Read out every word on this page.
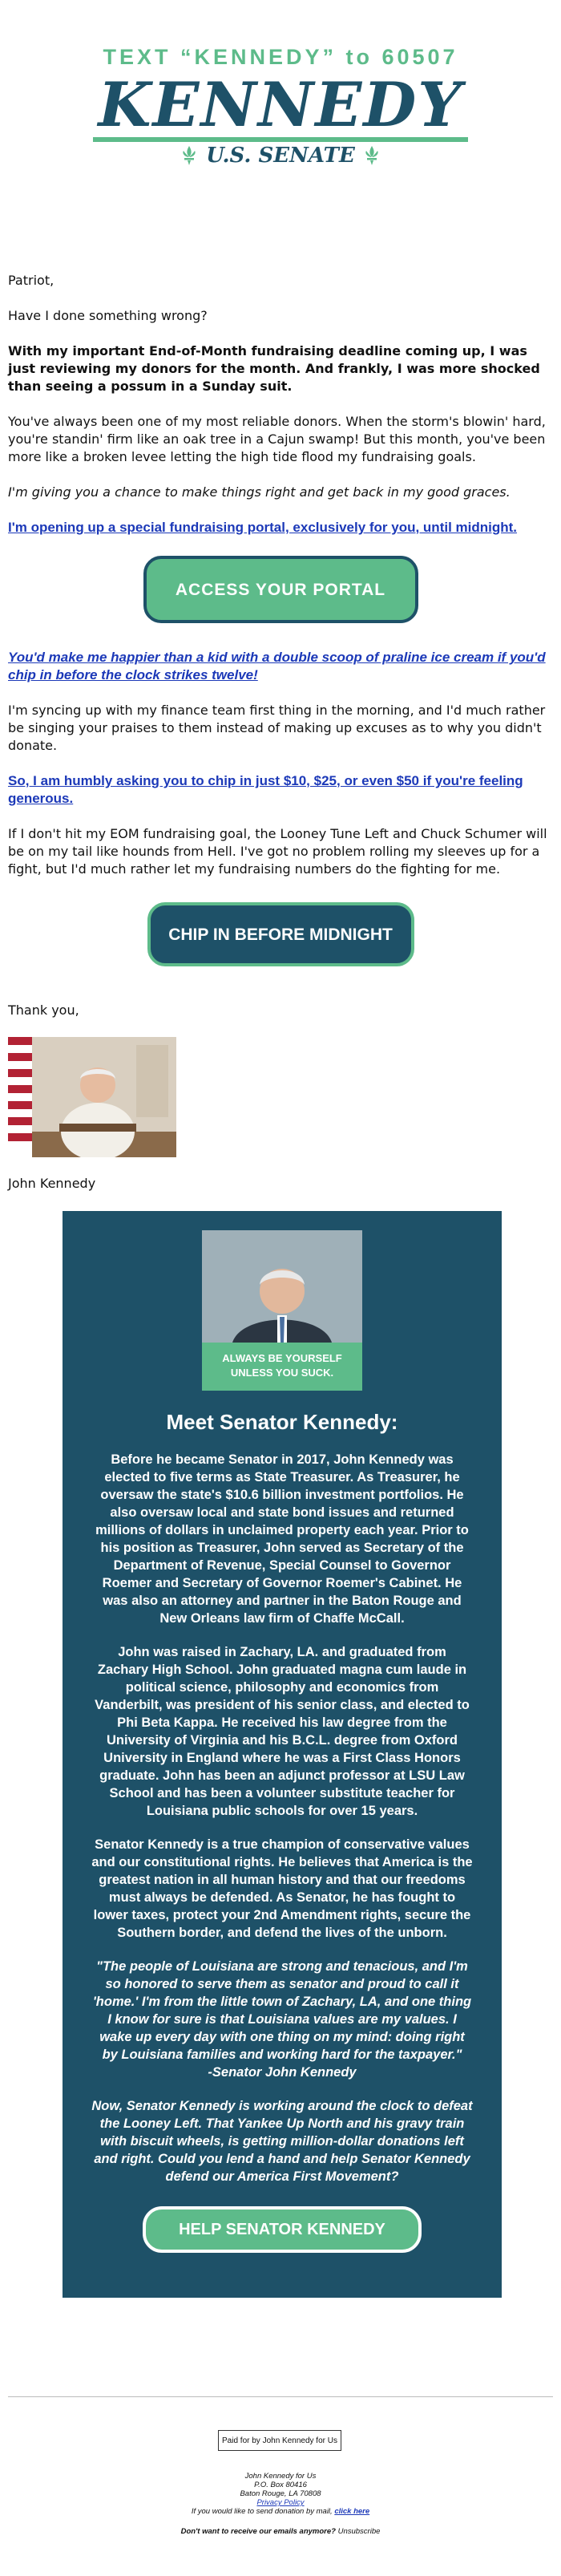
TEXT “KENNEDY” to 60507
KENNEDY
U.S. SENATE

Patriot,

Have I done something wrong?

With my important End-of-Month fundraising deadline coming up, I was just reviewing my donors for the month. And frankly, I was more shocked than seeing a possum in a Sunday suit.

You've always been one of my most reliable donors. When the storm's blowin' hard, you're standin' firm like an oak tree in a Cajun swamp! But this month, you've been more like a broken levee letting the high tide flood my fundraising goals.

I'm giving you a chance to make things right and get back in my good graces.

I'm opening up a special fundraising portal, exclusively for you, until midnight.

ACCESS YOUR PORTAL

You'd make me happier than a kid with a double scoop of praline ice cream if you'd chip in before the clock strikes twelve!

I'm syncing up with my finance team first thing in the morning, and I'd much rather be singing your praises to them instead of making up excuses as to why you didn't donate.

So, I am humbly asking you to chip in just $10, $25, or even $50 if you're feeling generous.

If I don't hit my EOM fundraising goal, the Looney Tune Left and Chuck Schumer will be on my tail like hounds from Hell. I've got no problem rolling my sleeves up for a fight, but I'd much rather let my fundraising numbers do the fighting for me.

CHIP IN BEFORE MIDNIGHT

Thank you,

John Kennedy

ALWAYS BE YOURSELF
UNLESS YOU SUCK.
Meet Senator Kennedy:

Before he became Senator in 2017, John Kennedy was elected to five terms as State Treasurer. As Treasurer, he oversaw the state's $10.6 billion investment portfolios. He also oversaw local and state bond issues and returned millions of dollars in unclaimed property each year. Prior to his position as Treasurer, John served as Secretary of the Department of Revenue, Special Counsel to Governor Roemer and Secretary of Governor Roemer's Cabinet. He was also an attorney and partner in the Baton Rouge and New Orleans law firm of Chaffe McCall.

John was raised in Zachary, LA. and graduated from Zachary High School. John graduated magna cum laude in political science, philosophy and economics from Vanderbilt, was president of his senior class, and elected to Phi Beta Kappa. He received his law degree from the University of Virginia and his B.C.L. degree from Oxford University in England where he was a First Class Honors graduate. John has been an adjunct professor at LSU Law School and has been a volunteer substitute teacher for Louisiana public schools for over 15 years.

Senator Kennedy is a true champion of conservative values and our constitutional rights. He believes that America is the greatest nation in all human history and that our freedoms must always be defended. As Senator, he has fought to lower taxes, protect your 2nd Amendment rights, secure the Southern border, and defend the lives of the unborn.

"The people of Louisiana are strong and tenacious, and I'm so honored to serve them as senator and proud to call it 'home.' I'm from the little town of Zachary, LA, and one thing I know for sure is that Louisiana values are my values. I wake up every day with one thing on my mind: doing right by Louisiana families and working hard for the taxpayer."
-Senator John Kennedy

Now, Senator Kennedy is working around the clock to defeat the Looney Left. That Yankee Up North and his gravy train with biscuit wheels, is getting million-dollar donations left and right. Could you lend a hand and help Senator Kennedy defend our America First Movement?

HELP SENATOR KENNEDY
Paid for by John Kennedy for Us
John Kennedy for Us
P.O. Box 80416
Baton Rouge, LA 70808
Privacy Policy
If you would like to send donation by mail, click here
Don't want to receive our emails anymore? Unsubscribe
